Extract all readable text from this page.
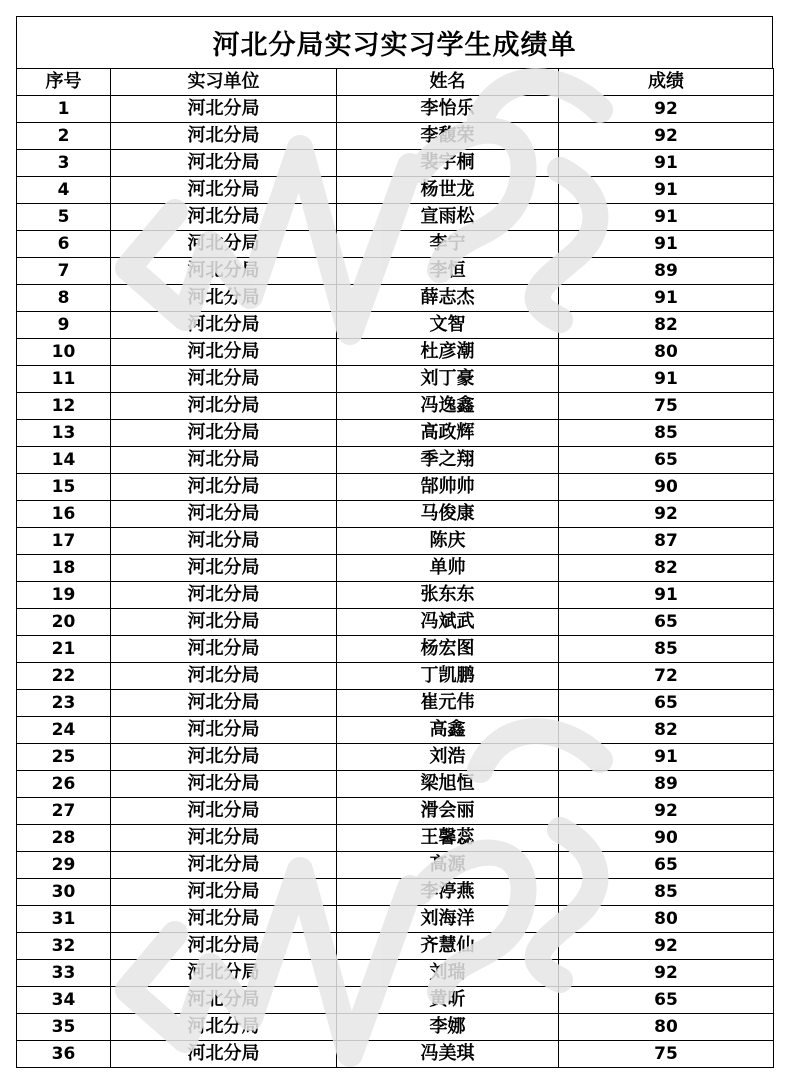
河北分局实习实习学生成绩单
序号	实习单位	姓名	成绩
1	河北分局	李怡乐	92
2	河北分局	李馥荣	92
3	河北分局	裴宇桐	91
4	河北分局	杨世龙	91
5	河北分局	宣雨松	91
6	河北分局	李宁	91
7	河北分局	李恒	89
8	河北分局	薛志杰	91
9	河北分局	文智	82
10	河北分局	杜彦潮	80
11	河北分局	刘丁豪	91
12	河北分局	冯逸鑫	75
13	河北分局	高政辉	85
14	河北分局	季之翔	65
15	河北分局	郜帅帅	90
16	河北分局	马俊康	92
17	河北分局	陈庆	87
18	河北分局	单帅	82
19	河北分局	张东东	91
20	河北分局	冯斌武	65
21	河北分局	杨宏图	85
22	河北分局	丁凯鹏	72
23	河北分局	崔元伟	65
24	河北分局	高鑫	82
25	河北分局	刘浩	91
26	河北分局	梁旭恒	89
27	河北分局	滑会丽	92
28	河北分局	王馨蕊	90
29	河北分局	高源	65
30	河北分局	李渟燕	85
31	河北分局	刘海洋	80
32	河北分局	齐慧仙	92
33	河北分局	刘瑞	92
34	河北分局	黄昕	65
35	河北分局	李娜	80
36	河北分局	冯美琪	75
